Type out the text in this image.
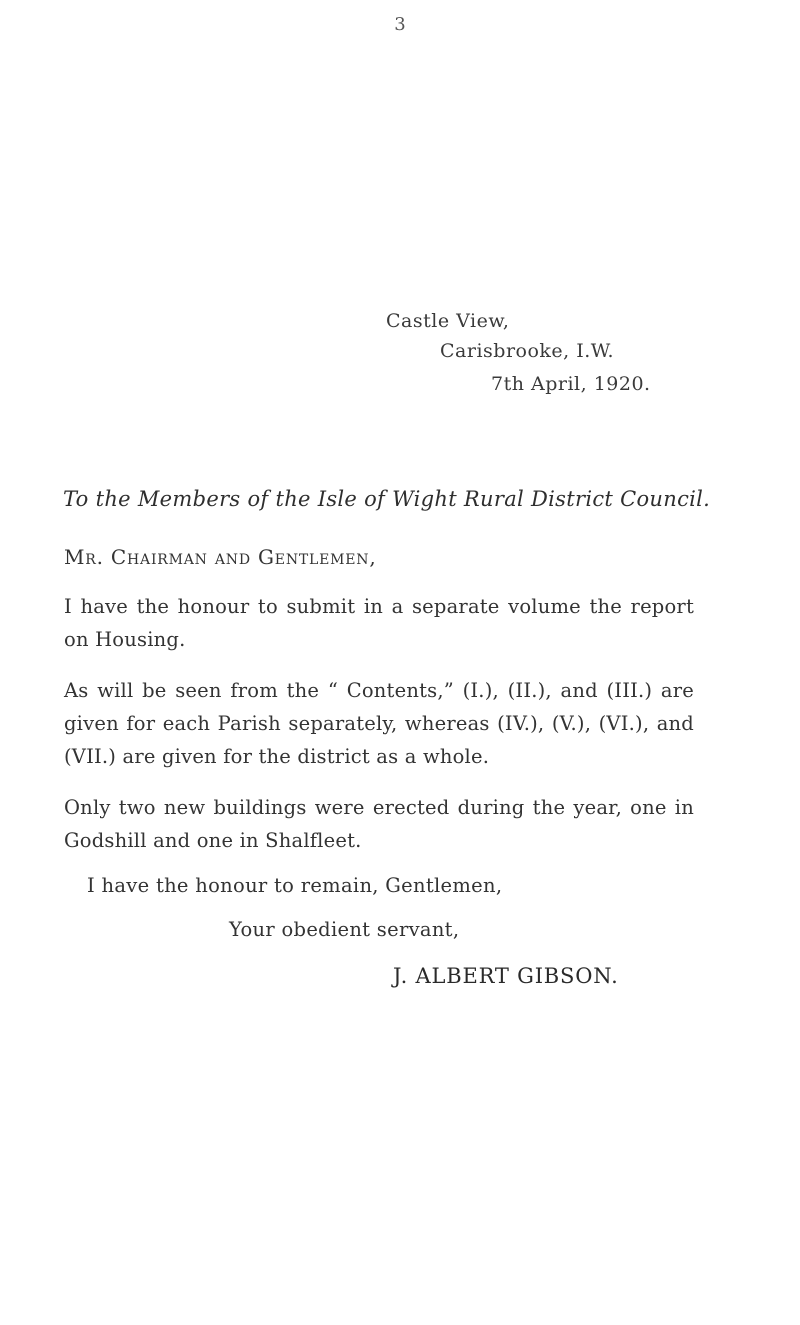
3
Castle View,
Carisbrooke, I.W.
7th April, 1920.
To the Members of the Isle of Wight Rural District Council.
Mr. Chairman and Gentlemen,

I have the honour to submit in a separate volume the report on Housing.

As will be seen from the “ Contents,” (I.), (II.), and (III.) are given for each Parish separately, whereas (IV.), (V.), (VI.), and (VII.) are given for the district as a whole.

Only two new buildings were erected during the year, one in Godshill and one in Shalfleet.

I have the honour to remain, Gentlemen,
Your obedient servant,
J. ALBERT GIBSON.
